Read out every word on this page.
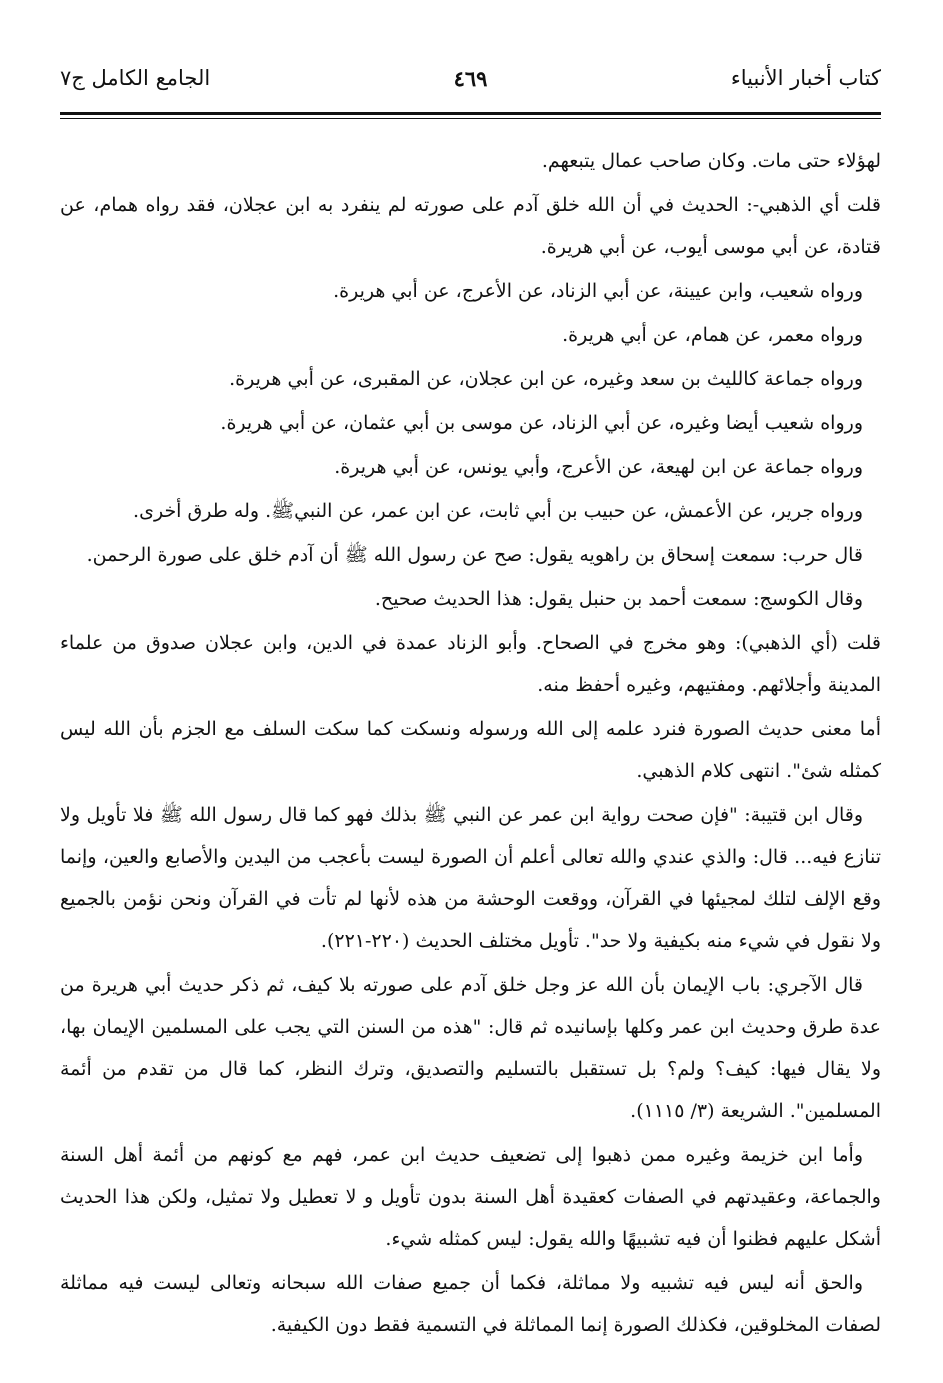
كتاب أخبار الأنبياء
٤٦٩
الجامع الكامل ج٧

لهؤلاء حتى مات. وكان صاحب عمال يتبعهم.

قلت أي الذهبي-: الحديث في أن الله خلق آدم على صورته لم ينفرد به ابن عجلان، فقد رواه همام، عن قتادة، عن أبي موسى أيوب، عن أبي هريرة.

ورواه شعيب، وابن عيينة، عن أبي الزناد، عن الأعرج، عن أبي هريرة.

ورواه معمر، عن همام، عن أبي هريرة.

ورواه جماعة كالليث بن سعد وغيره، عن ابن عجلان، عن المقبرى، عن أبي هريرة.

ورواه شعيب أيضا وغيره، عن أبي الزناد، عن موسى بن أبي عثمان، عن أبي هريرة.

ورواه جماعة عن ابن لهيعة، عن الأعرج، وأبي يونس، عن أبي هريرة.

ورواه جرير، عن الأعمش، عن حبيب بن أبي ثابت، عن ابن عمر، عن النبيﷺ. وله طرق أخرى.

قال حرب: سمعت إسحاق بن راهويه يقول: صح عن رسول الله ﷺ أن آدم خلق على صورة الرحمن.

وقال الكوسج: سمعت أحمد بن حنبل يقول: هذا الحديث صحيح.

قلت (أي الذهبي): وهو مخرج في الصحاح. وأبو الزناد عمدة في الدين، وابن عجلان صدوق من علماء المدينة وأجلائهم. ومفتيهم، وغيره أحفظ منه.

أما معنى حديث الصورة فنرد علمه إلى الله ورسوله ونسكت كما سكت السلف مع الجزم بأن الله ليس كمثله شئ". انتهى كلام الذهبي.

وقال ابن قتيبة: "فإن صحت رواية ابن عمر عن النبي ﷺ بذلك فهو كما قال رسول الله ﷺ فلا تأويل ولا تنازع فيه... قال: والذي عندي والله تعالى أعلم أن الصورة ليست بأعجب من اليدين والأصابع والعين، وإنما وقع الإلف لتلك لمجيئها في القرآن، ووقعت الوحشة من هذه لأنها لم تأت في القرآن ونحن نؤمن بالجميع ولا نقول في شيء منه بكيفية ولا حد". تأويل مختلف الحديث (٢٢٠-٢٢١).

قال الآجري: باب الإيمان بأن الله عز وجل خلق آدم على صورته بلا كيف، ثم ذكر حديث أبي هريرة من عدة طرق وحديث ابن عمر وكلها بإسانيده ثم قال: "هذه من السنن التي يجب على المسلمين الإيمان بها، ولا يقال فيها: كيف؟ ولم؟ بل تستقبل بالتسليم والتصديق، وترك النظر، كما قال من تقدم من أئمة المسلمين". الشريعة (٣/ ١١١٥).

وأما ابن خزيمة وغيره ممن ذهبوا إلى تضعيف حديث ابن عمر، فهم مع كونهم من أئمة أهل السنة والجماعة، وعقيدتهم في الصفات كعقيدة أهل السنة بدون تأويل و لا تعطيل ولا تمثيل، ولكن هذا الحديث أشكل عليهم فظنوا أن فيه تشبيهًا والله يقول: ليس كمثله شيء.

والحق أنه ليس فيه تشبيه ولا مماثلة، فكما أن جميع صفات الله سبحانه وتعالى ليست فيه مماثلة لصفات المخلوقين، فكذلك الصورة إنما المماثلة في التسمية فقط دون الكيفية.
